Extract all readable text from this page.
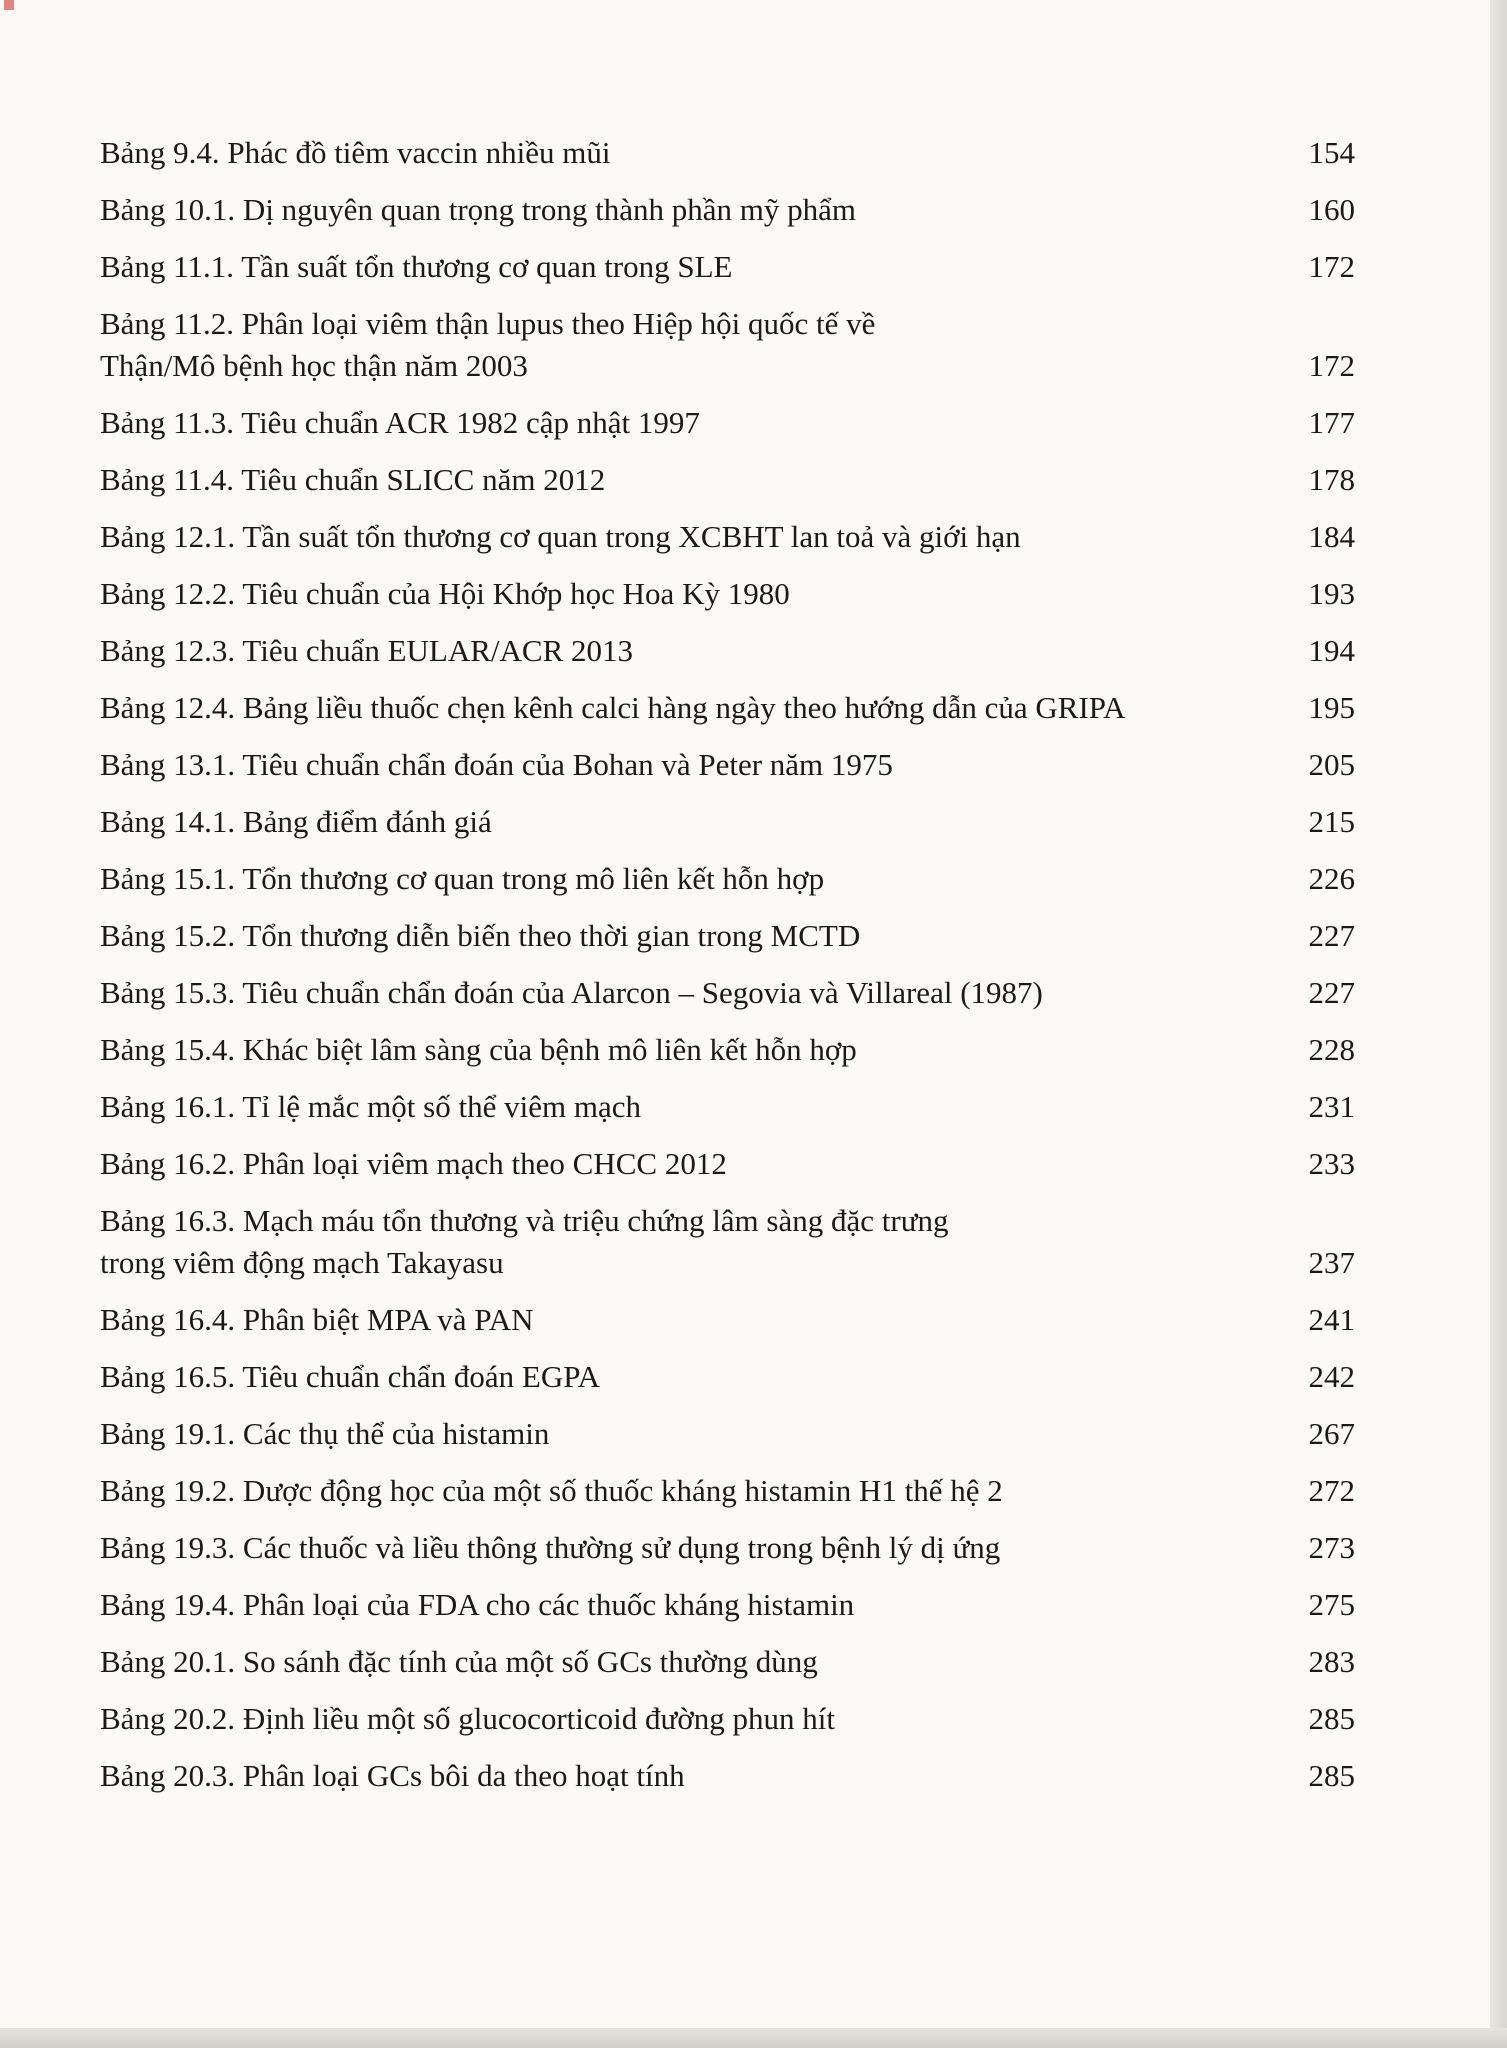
Bảng 9.4. Phác đồ tiêm vaccin nhiều mũi	154
Bảng 10.1. Dị nguyên quan trọng trong thành phần mỹ phẩm	160
Bảng 11.1. Tần suất tổn thương cơ quan trong SLE	172
Bảng 11.2. Phân loại viêm thận lupus theo Hiệp hội quốc tế về
Thận/Mô bệnh học thận năm 2003	172
Bảng 11.3. Tiêu chuẩn ACR 1982 cập nhật 1997	177
Bảng 11.4. Tiêu chuẩn SLICC năm 2012	178
Bảng 12.1. Tần suất tổn thương cơ quan trong XCBHT lan toả và giới hạn	184
Bảng 12.2. Tiêu chuẩn của Hội Khớp học Hoa Kỳ 1980	193
Bảng 12.3. Tiêu chuẩn EULAR/ACR 2013	194
Bảng 12.4. Bảng liều thuốc chẹn kênh calci hàng ngày theo hướng dẫn của GRIPA	195
Bảng 13.1. Tiêu chuẩn chẩn đoán của Bohan và Peter năm 1975	205
Bảng 14.1. Bảng điểm đánh giá	215
Bảng 15.1. Tổn thương cơ quan trong mô liên kết hỗn hợp	226
Bảng 15.2. Tổn thương diễn biến theo thời gian trong MCTD	227
Bảng 15.3. Tiêu chuẩn chẩn đoán của Alarcon – Segovia và Villareal (1987)	227
Bảng 15.4. Khác biệt lâm sàng của bệnh mô liên kết hỗn hợp	228
Bảng 16.1. Tỉ lệ mắc một số thể viêm mạch	231
Bảng 16.2. Phân loại viêm mạch theo CHCC 2012	233
Bảng 16.3. Mạch máu tổn thương và triệu chứng lâm sàng đặc trưng
trong viêm động mạch Takayasu	237
Bảng 16.4. Phân biệt MPA và PAN	241
Bảng 16.5. Tiêu chuẩn chẩn đoán EGPA	242
Bảng 19.1. Các thụ thể của histamin	267
Bảng 19.2. Dược động học của một số thuốc kháng histamin H1 thế hệ 2	272
Bảng 19.3. Các thuốc và liều thông thường sử dụng trong bệnh lý dị ứng	273
Bảng 19.4. Phân loại của FDA cho các thuốc kháng histamin	275
Bảng 20.1. So sánh đặc tính của một số GCs thường dùng	283
Bảng 20.2. Định liều một số glucocorticoid đường phun hít	285
Bảng 20.3. Phân loại GCs bôi da theo hoạt tính	285
